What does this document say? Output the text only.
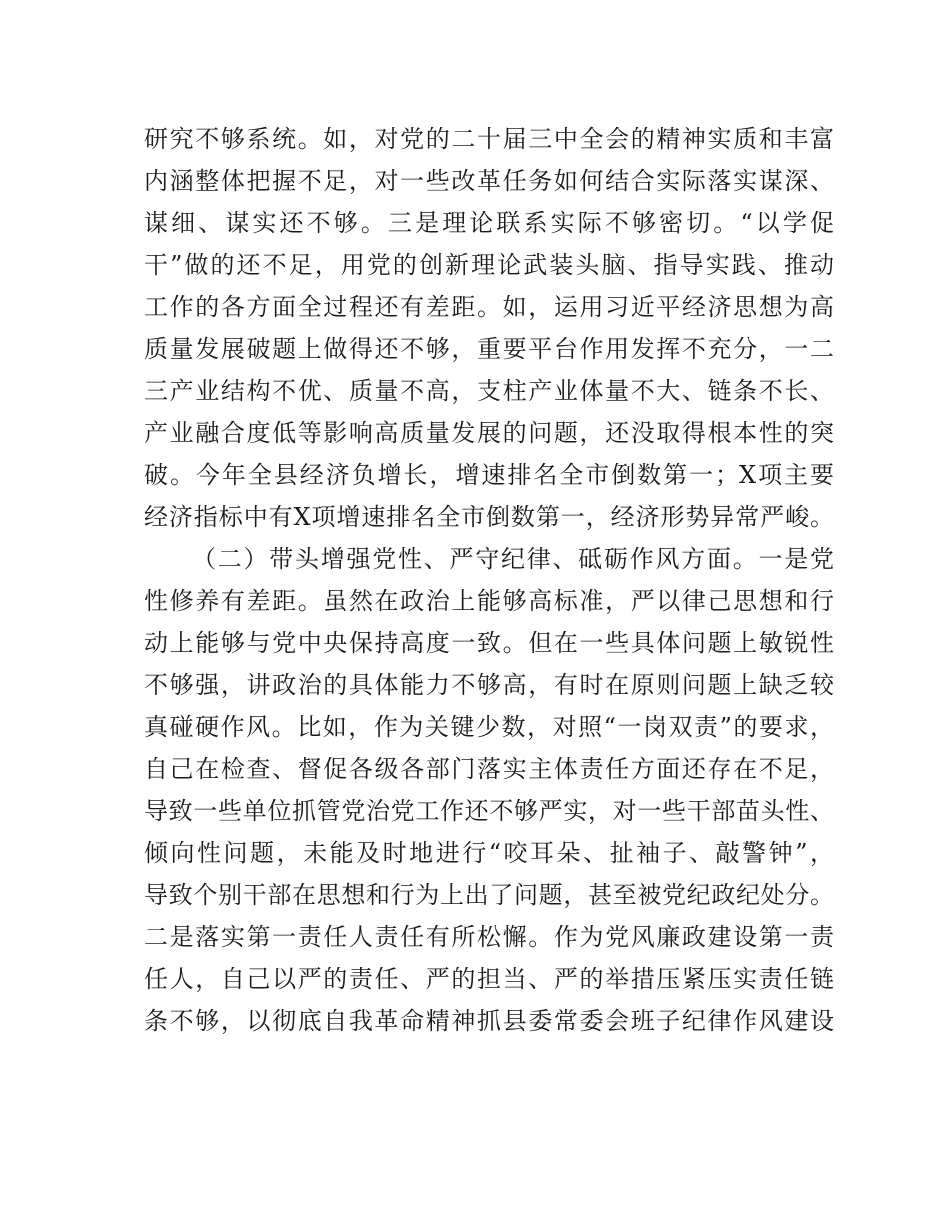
研究不够系统。如，对党的二十届三中全会的精神实质和丰富
内涵整体把握不足，对一些改革任务如何结合实际落实谋深、
谋细、谋实还不够。三是理论联系实际不够密切。“以学促
干”做的还不足，用党的创新理论武装头脑、指导实践、推动
工作的各方面全过程还有差距。如，运用习近平经济思想为高
质量发展破题上做得还不够，重要平台作用发挥不充分，一二
三产业结构不优、质量不高，支柱产业体量不大、链条不长、
产业融合度低等影响高质量发展的问题，还没取得根本性的突
破。今年全县经济负增长，增速排名全市倒数第一；X项主要
经济指标中有X项增速排名全市倒数第一，经济形势异常严峻。
（二）带头增强党性、严守纪律、砥砺作风方面。一是党
性修养有差距。虽然在政治上能够高标准，严以律己思想和行
动上能够与党中央保持高度一致。但在一些具体问题上敏锐性
不够强，讲政治的具体能力不够高，有时在原则问题上缺乏较
真碰硬作风。比如，作为关键少数，对照“一岗双责”的要求，
自己在检查、督促各级各部门落实主体责任方面还存在不足，
导致一些单位抓管党治党工作还不够严实，对一些干部苗头性、
倾向性问题，未能及时地进行“咬耳朵、扯袖子、敲警钟”，
导致个别干部在思想和行为上出了问题，甚至被党纪政纪处分。
二是落实第一责任人责任有所松懈。作为党风廉政建设第一责
任人，自己以严的责任、严的担当、严的举措压紧压实责任链
条不够，以彻底自我革命精神抓县委常委会班子纪律作风建设
